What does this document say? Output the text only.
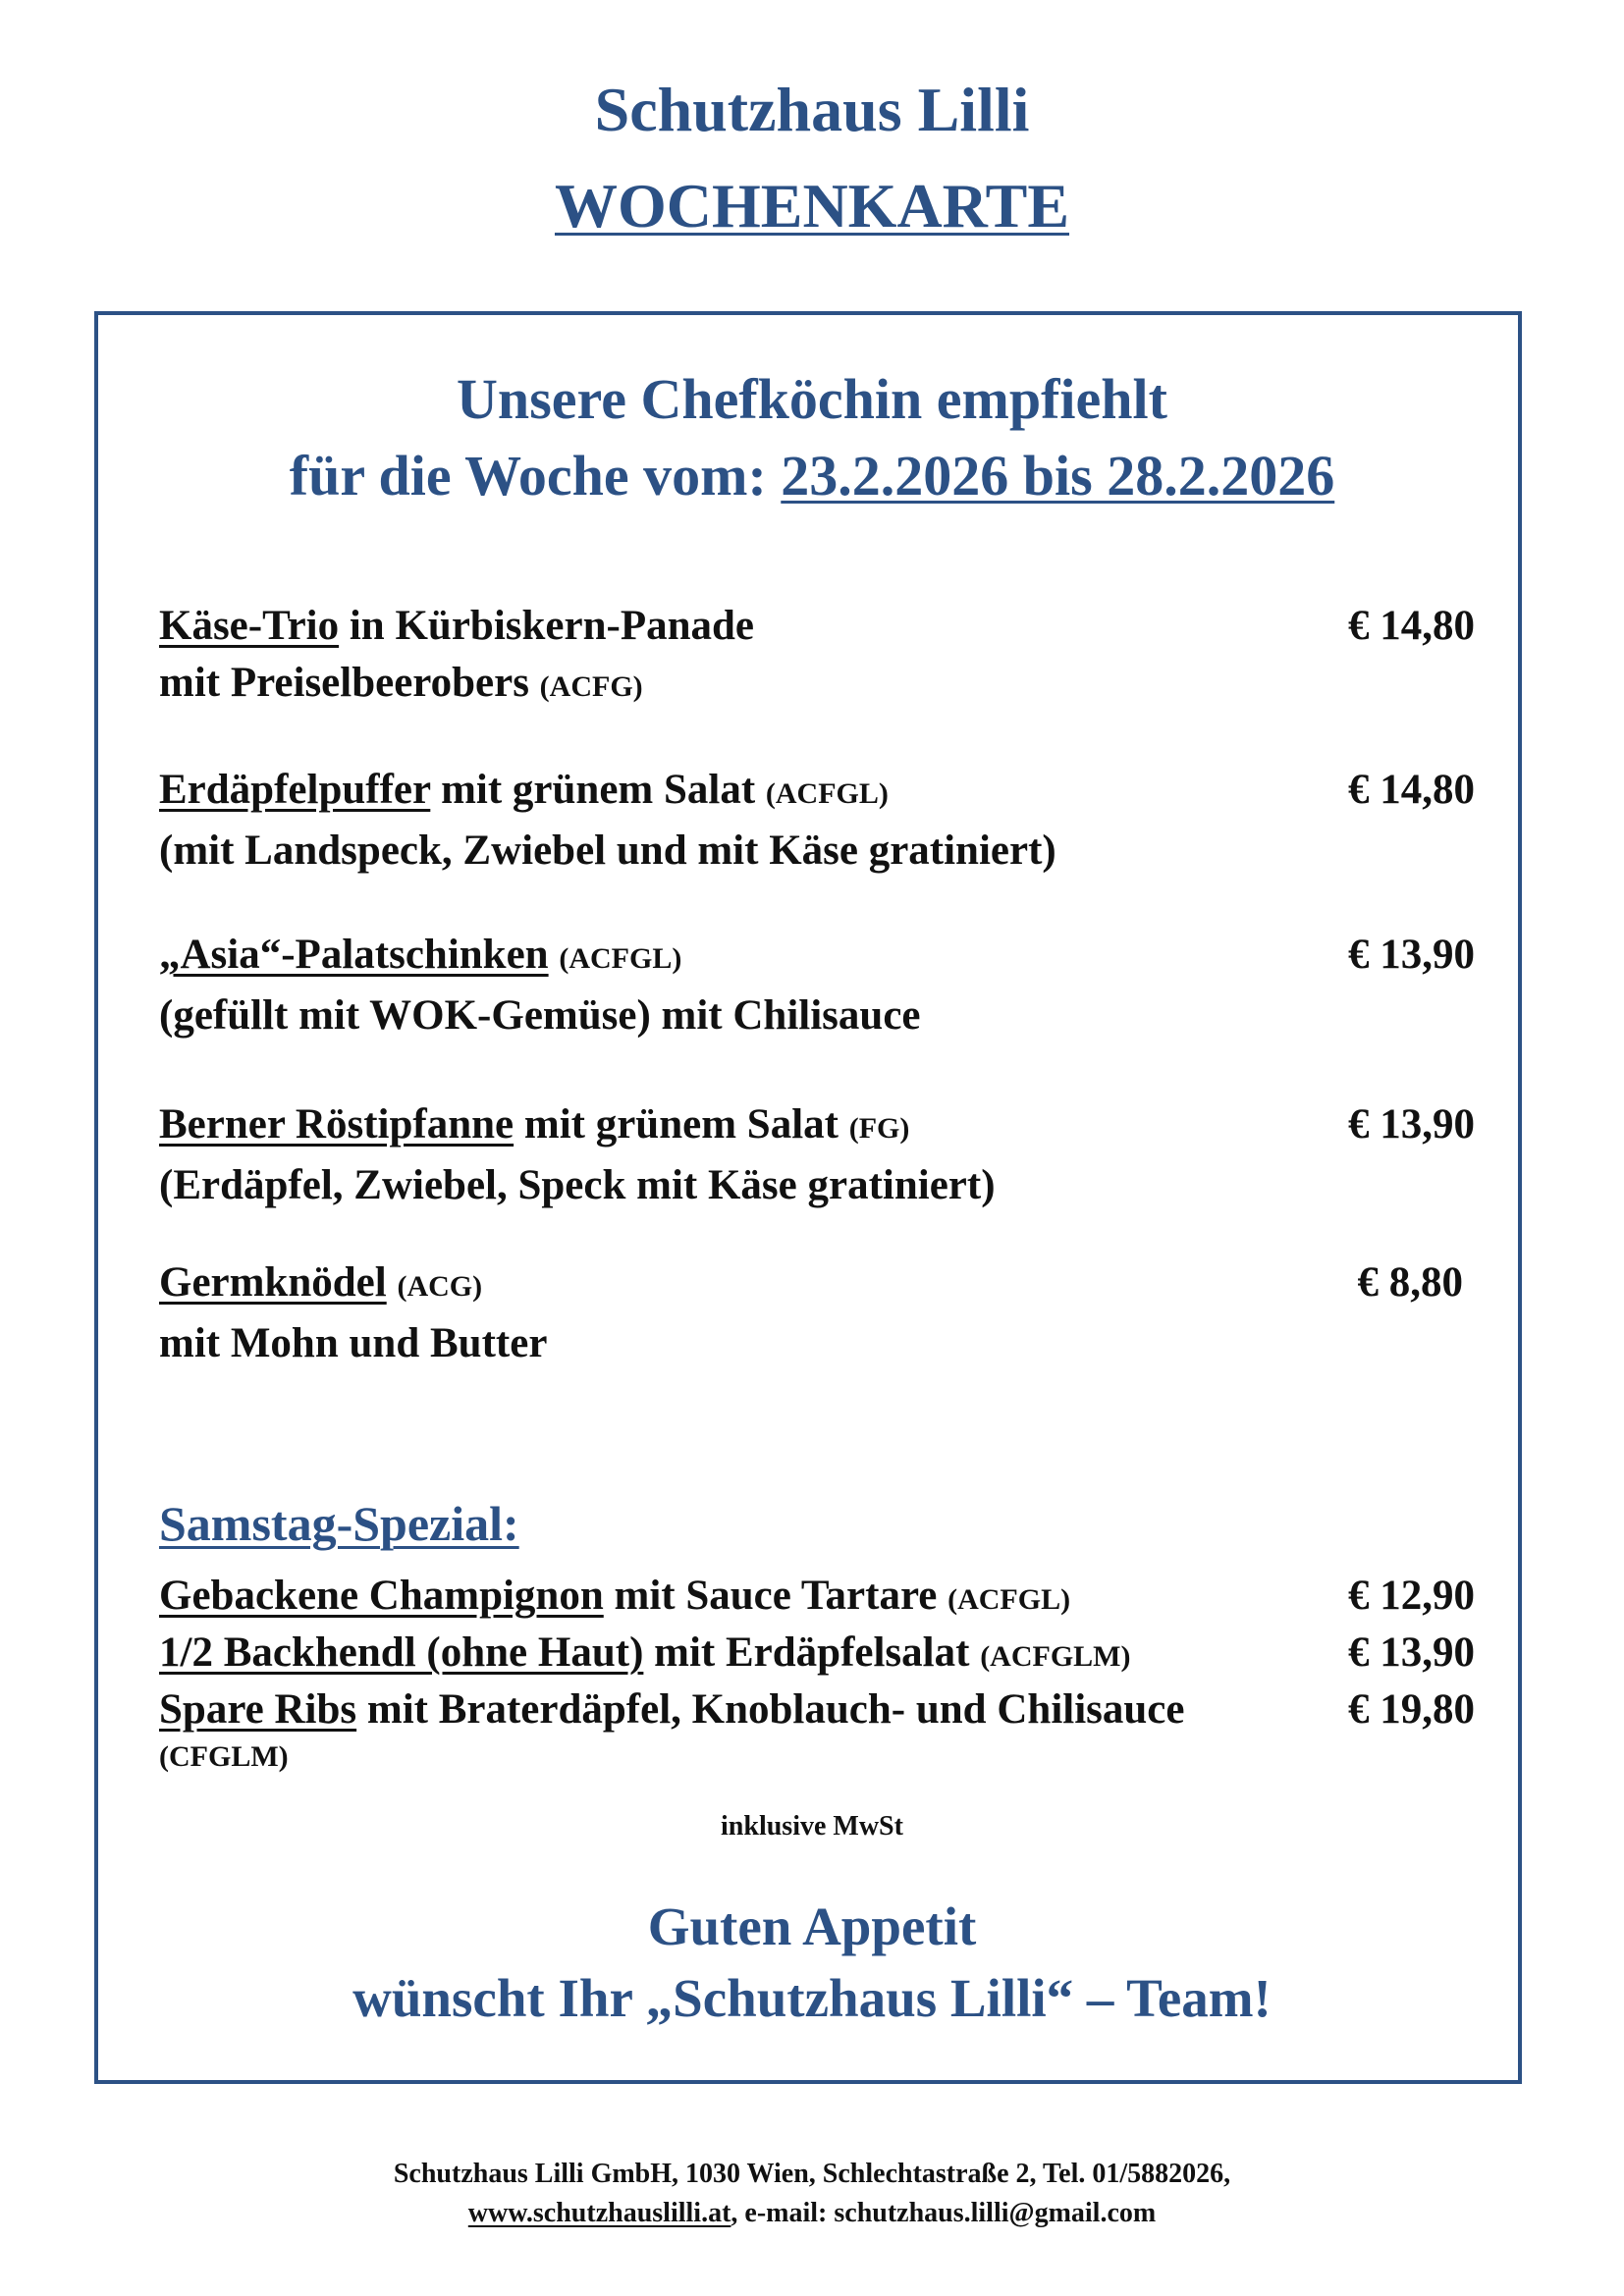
Schutzhaus Lilli
WOCHENKARTE
Unsere Chefköchin empfiehlt
für die Woche vom: 23.2.2026 bis 28.2.2026
Käse-Trio in Kürbiskern-Panade
mit Preiselbeerobers (ACFG)
€ 14,80
Erdäpfelpuffer mit grünem Salat (ACFGL)
(mit Landspeck, Zwiebel und mit Käse gratiniert)
€ 14,80
„Asia“-Palatschinken (ACFGL)
(gefüllt mit WOK-Gemüse) mit Chilisauce
€ 13,90
Berner Röstipfanne mit grünem Salat (FG)
(Erdäpfel, Zwiebel, Speck mit Käse gratiniert)
€ 13,90
Germknödel (ACG)
mit Mohn und Butter
€ 8,80
Samstag-Spezial:
Gebackene Champignon mit Sauce Tartare (ACFGL)	€ 12,90
1/2 Backhendl (ohne Haut) mit Erdäpfelsalat (ACFGLM)	€ 13,90
Spare Ribs mit Braterdäpfel, Knoblauch- und Chilisauce
(CFGLM)
€ 19,80
inklusive MwSt
Guten Appetit
wünscht Ihr „Schutzhaus Lilli“ – Team!
Schutzhaus Lilli GmbH, 1030 Wien, Schlechtastraße 2, Tel. 01/5882026,
www.schutzhauslilli.at, e-mail: schutzhaus.lilli@gmail.com
